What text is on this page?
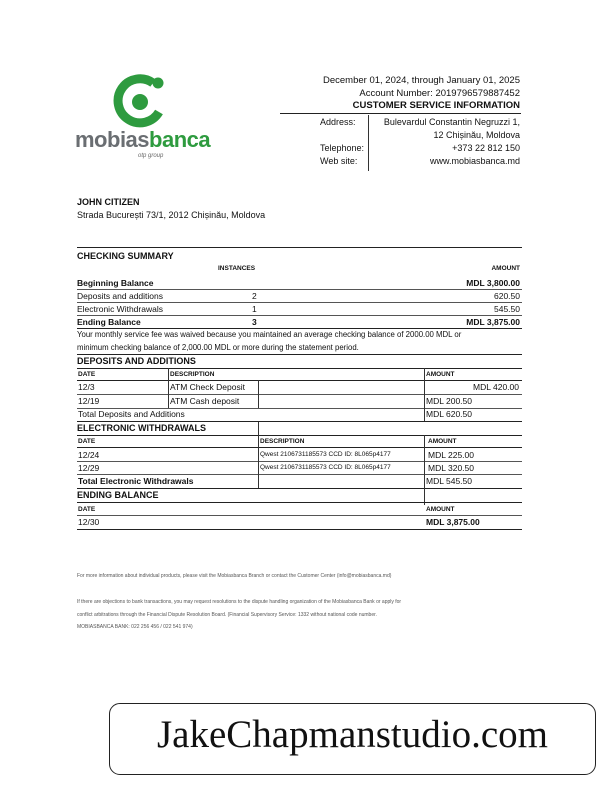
mobiasbanca
otp group
December 01, 2024, through January 01, 2025
Account Number: 2019796579887452
CUSTOMER SERVICE INFORMATION
Address:	Bulevardul Constantin Negruzzi 1,
12 Chișinău, Moldova
Telephone:	+373 22 812 150
Web site:	www.mobiasbanca.md
JOHN CITIZEN
Strada București 73/1, 2012 Chișinău, Moldova
CHECKING SUMMARY
INSTANCES	AMOUNT
Beginning Balance	MDL 3,800.00
Deposits and additions	2	620.50
Electronic Withdrawals	1	545.50
Ending Balance	3	MDL 3,875.00
Your monthly service fee was waived because you maintained an average checking balance of 2000.00 MDL or
minimum checking balance of 2,000.00 MDL or more during the statement period.
DEPOSITS AND ADDITIONS
DATE	DESCRIPTION	AMOUNT
12/3	ATM Check Deposit	MDL 420.00
12/19	ATM Cash deposit	MDL 200.50
Total Deposits and Additions	MDL 620.50
ELECTRONIC WITHDRAWALS
DATE	DESCRIPTION	AMOUNT
12/24	Qwest 2106731185573 CCD ID: 8L065p4177	MDL 225.00
12/29	Qwest 2106731185573 CCD ID: 8L065p4177	MDL 320.50
Total Electronic Withdrawals	MDL 545.50
ENDING BALANCE
DATE	AMOUNT
12/30	MDL 3,875.00
For more information about individual products, please visit the Mobiasbanca Branch or contact the Customer Center (info@mobiasbanca.md)
If there are objections to bank transactions, you may request resolutions to the dispute handling organization of the Mobiasbanca Bank or apply for
conflict arbitrations through the Financial Dispute Resolution Board. (Financial Supervisory Service: 1332 without national code number.
MOBIASBANCA BANK: 022 256 456 / 022 541 974)
JakeChapmanstudio.com
